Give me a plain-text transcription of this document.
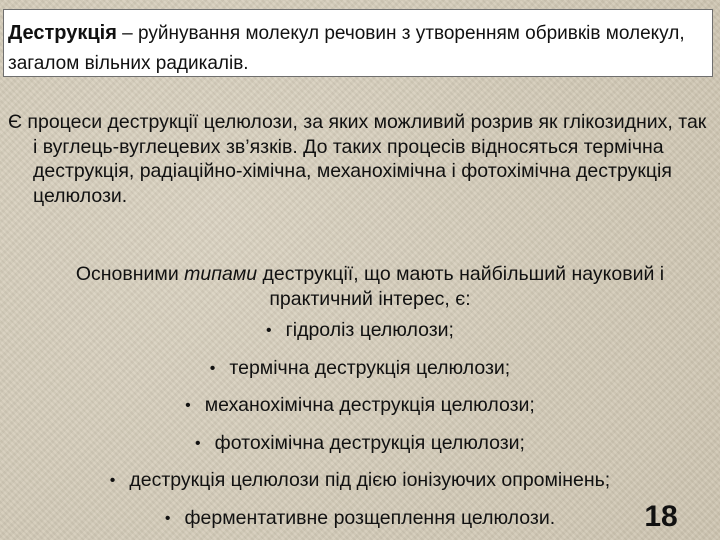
Деструкція – руйнування молекул речовин з утворенням обривків молекул, загалом вільних радикалів.

Є процеси деструкції целюлози, за яких можливий розрив як глікозидних, так і вуглець-вуглецевих зв’язків. До таких процесів відносяться термічна деструкція, радіаційно-хімічна, механохімічна і фотохімічна деструкція целюлози.

Основними типами деструкції, що мають найбільший науковий і практичний інтерес, є:

• гідроліз целюлози;
• термічна деструкція целюлози;
• механохімічна деструкція целюлози;
• фотохімічна деструкція целюлози;
• деструкція целюлози під дією іонізуючих опромінень;
• ферментативне розщеплення целюлози.	18
